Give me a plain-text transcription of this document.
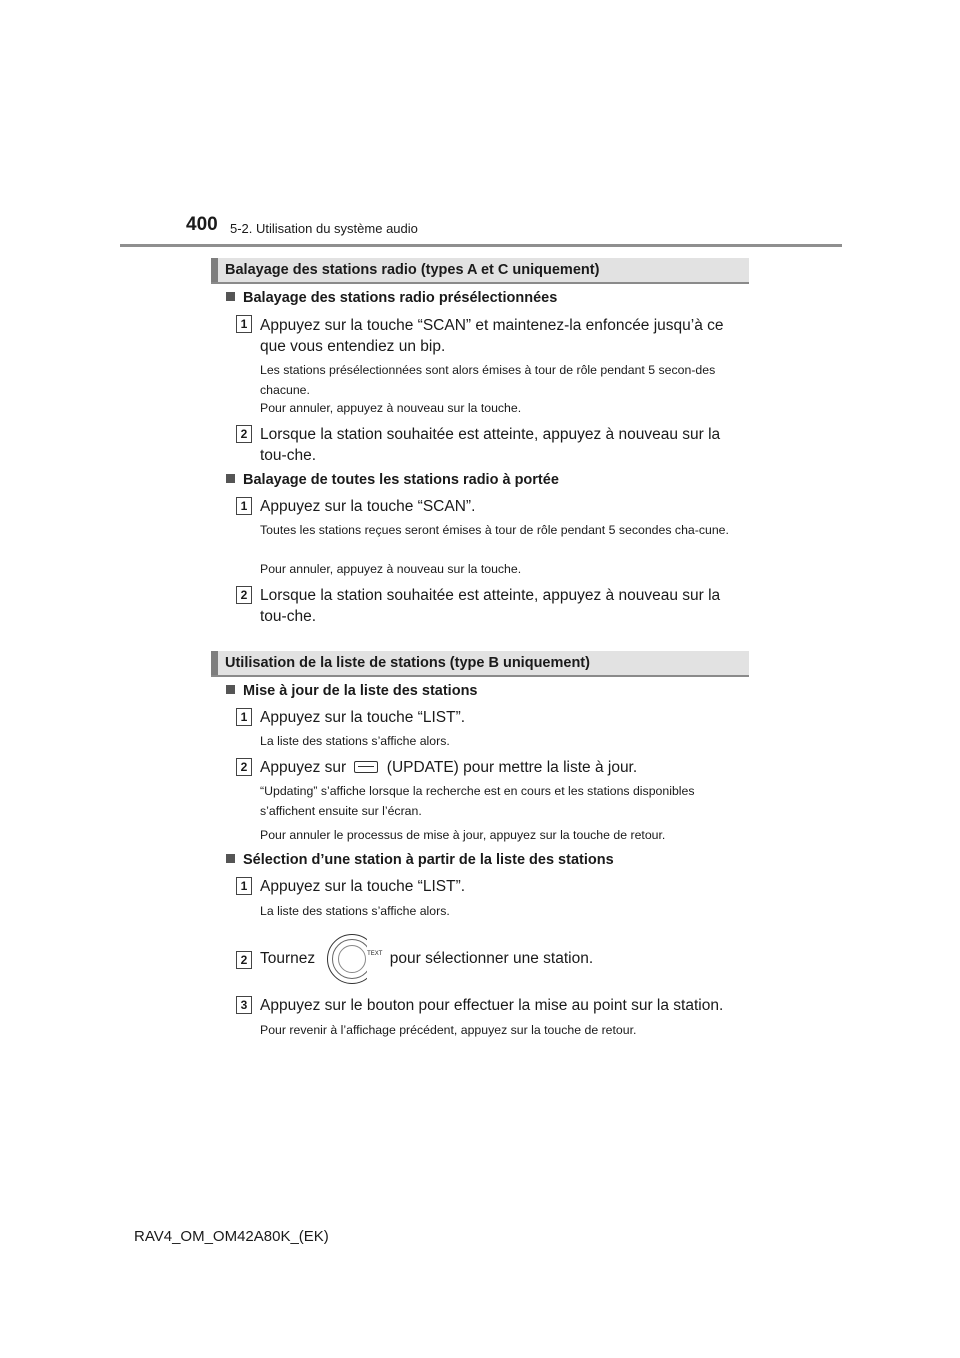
400 5-2. Utilisation du système audio
Balayage des stations radio (types A et C uniquement)
Balayage des stations radio présélectionnées
1 Appuyez sur la touche “SCAN” et maintenez-la enfoncée jusqu’à ce que vous entendiez un bip.
Les stations présélectionnées sont alors émises à tour de rôle pendant 5 secon-des chacune.
Pour annuler, appuyez à nouveau sur la touche.
2 Lorsque la station souhaitée est atteinte, appuyez à nouveau sur la tou-che.
Balayage de toutes les stations radio à portée
1 Appuyez sur la touche “SCAN”.
Toutes les stations reçues seront émises à tour de rôle pendant 5 secondes cha-cune.
Pour annuler, appuyez à nouveau sur la touche.
2 Lorsque la station souhaitée est atteinte, appuyez à nouveau sur la tou-che.
Utilisation de la liste de stations (type B uniquement)
Mise à jour de la liste des stations
1 Appuyez sur la touche “LIST”.
La liste des stations s’affiche alors.
2 Appuyez sur	(UPDATE) pour mettre la liste à jour.
“Updating” s’affiche lorsque la recherche est en cours et les stations disponibles s’affichent ensuite sur l’écran.
Pour annuler le processus de mise à jour, appuyez sur la touche de retour.
Sélection d’une station à partir de la liste des stations
1 Appuyez sur la touche “LIST”.
La liste des stations s’affiche alors.
2 Tournez	TEXT pour sélectionner une station.
3 Appuyez sur le bouton pour effectuer la mise au point sur la station.
Pour revenir à l’affichage précédent, appuyez sur la touche de retour.
RAV4_OM_OM42A80K_(EK)
